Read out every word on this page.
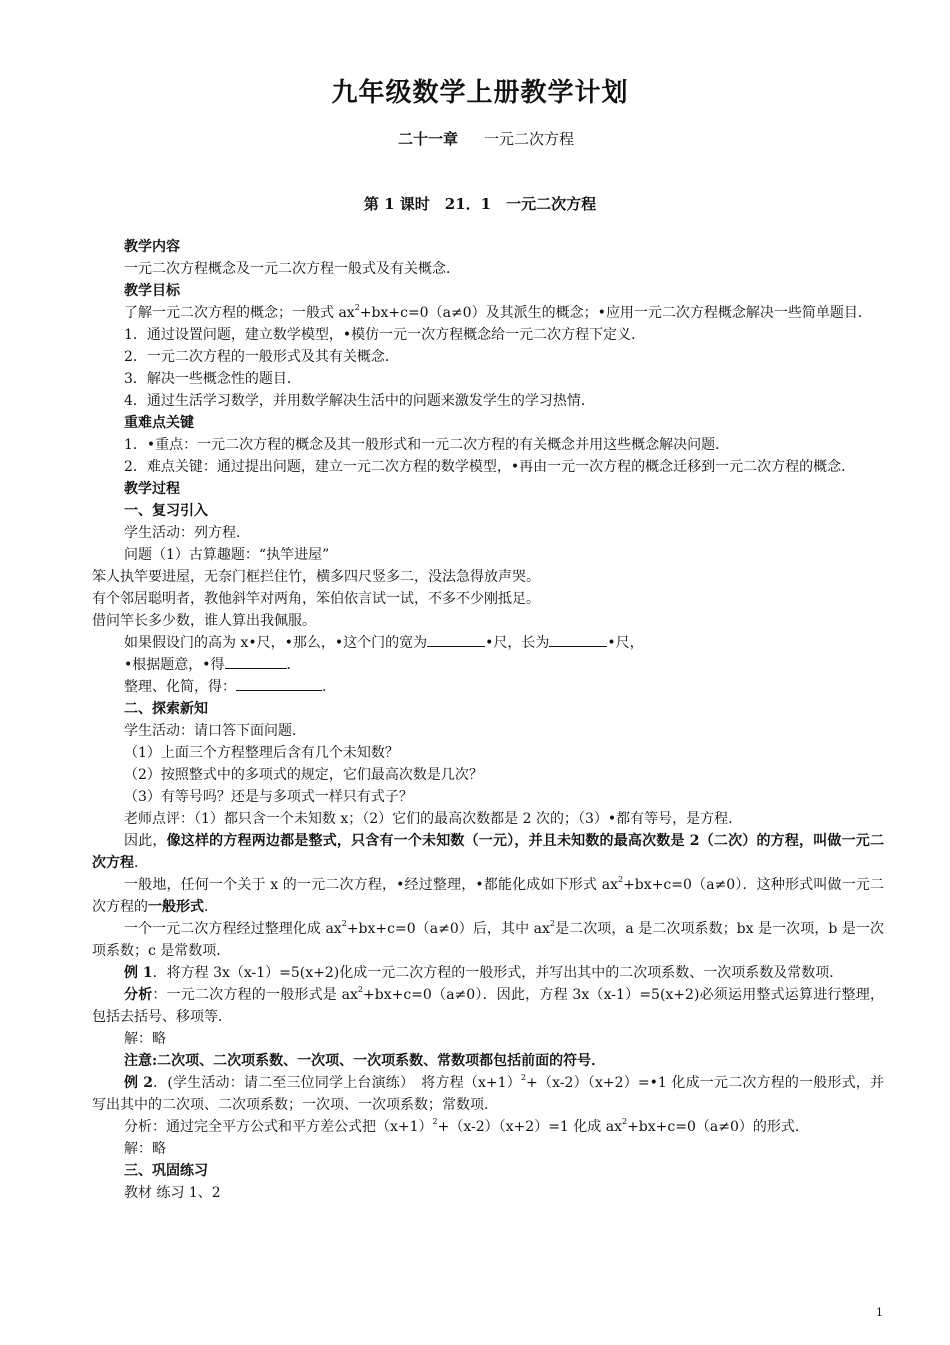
九年级数学上册教学计划
二十一章 一元二次方程
第 1 课时　21．1　一元二次方程

教学内容

一元二次方程概念及一元二次方程一般式及有关概念．

教学目标

了解一元二次方程的概念；一般式 $ax^2+bx+c=0(a\ne 0)$及其派生的概念；•应用一元二次方程概念解决一些简单题目．

1．通过设置问题，建立数学模型，•模仿一元一次方程概念给一元二次方程下定义．

2．一元二次方程的一般形式及其有关概念．

3．解决一些概念性的题目．

4．通过生活学习数学，并用数学解决生活中的问题来激发学生的学习热情．

重难点关键

1．•重点：一元二次方程的概念及其一般形式和一元二次方程的有关概念并用这些概念解决问题．

2．难点关键：通过提出问题，建立一元二次方程的数学模型，•再由一元一次方程的概念迁移到一元二次方程的概念．

教学过程

一、复习引入

学生活动：列方程．

问题（1）古算趣题：“执竿进屋”

笨人执竿要进屋，无奈门框拦住竹，横多四尺竖多二，没法急得放声哭。

有个邻居聪明者，教他斜竿对两角，笨伯依言试一试，不多不少刚抵足。

借问竿长多少数，谁人算出我佩服。

如果假设门的高为 x•尺，•那么，•这个门的宽为	•尺，长为	•尺，

•根据题意，•得	．

整理、化简，得：	．

二、探索新知

学生活动：请口答下面问题．

（1）上面三个方程整理后含有几个未知数？

（2）按照整式中的多项式的规定，它们最高次数是几次？

（3）有等号吗？还是与多项式一样只有式子？

老师点评：（1）都只含一个未知数 x；（2）它们的最高次数都是 2 次的；（3）•都有等号，是方程．

因此，像这样的方程两边都是整式，只含有一个未知数（一元），并且未知数的最高次数是 2（二次）的方程，叫做一元二次方程．

一般地，任何一个关于 x 的一元二次方程，•经过整理，•都能化成如下形式 $ax^2+bx+c=0(a\ne 0)$．这种形式叫做一元二次方程的一般形式．

一个一元二次方程经过整理化成 $ax^2+bx+c=0(a\ne 0)$后，其中 $ax^2$是二次项，a 是二次项系数；bx 是一次项，b 是一次项系数；c 是常数项．

例 1．将方程 3x（x-1）=5(x+2)化成一元二次方程的一般形式，并写出其中的二次项系数、一次项系数及常数项．

分析：一元二次方程的一般形式是 $ax^2+bx+c=0(a\ne 0)$．因此，方程 3x（x-1）=5(x+2)必须运用整式运算进行整理，包括去括号、移项等．

解：略

注意:二次项、二次项系数、一次项、一次项系数、常数项都包括前面的符号．

例 2．(学生活动：请二至三位同学上台演练）　将方程$(x+1)^2+(x-2)(x+2)=•1$ 化成一元二次方程的一般形式，并写出其中的二次项、二次项系数；一次项、一次项系数；常数项．

分析：通过完全平方公式和平方差公式把$(x+1)^2+(x-2)(x+2)=1$ 化成 $ax^2+bx+c=0(a\ne 0)$的形式．

解：略

三、巩固练习

教材 练习 1、2

1
